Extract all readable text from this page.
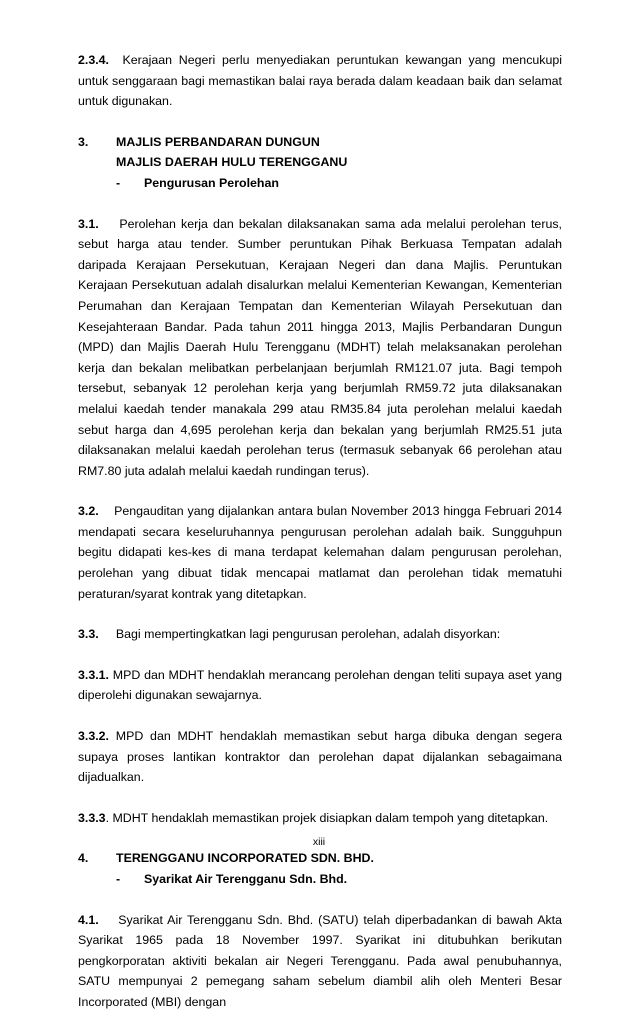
2.3.4. Kerajaan Negeri perlu menyediakan peruntukan kewangan yang mencukupi untuk senggaraan bagi memastikan balai raya berada dalam keadaan baik dan selamat untuk digunakan.

3. MAJLIS PERBANDARAN DUNGUN
MAJLIS DAERAH HULU TERENGGANU
- Pengurusan Perolehan

3.1. Perolehan kerja dan bekalan dilaksanakan sama ada melalui perolehan terus, sebut harga atau tender. Sumber peruntukan Pihak Berkuasa Tempatan adalah daripada Kerajaan Persekutuan, Kerajaan Negeri dan dana Majlis. Peruntukan Kerajaan Persekutuan adalah disalurkan melalui Kementerian Kewangan, Kementerian Perumahan dan Kerajaan Tempatan dan Kementerian Wilayah Persekutuan dan Kesejahteraan Bandar. Pada tahun 2011 hingga 2013, Majlis Perbandaran Dungun (MPD) dan Majlis Daerah Hulu Terengganu (MDHT) telah melaksanakan perolehan kerja dan bekalan melibatkan perbelanjaan berjumlah RM121.07 juta. Bagi tempoh tersebut, sebanyak 12 perolehan kerja yang berjumlah RM59.72 juta dilaksanakan melalui kaedah tender manakala 299 atau RM35.84 juta perolehan melalui kaedah sebut harga dan 4,695 perolehan kerja dan bekalan yang berjumlah RM25.51 juta dilaksanakan melalui kaedah perolehan terus (termasuk sebanyak 66 perolehan atau RM7.80 juta adalah melalui kaedah rundingan terus).

3.2. Pengauditan yang dijalankan antara bulan November 2013 hingga Februari 2014 mendapati secara keseluruhannya pengurusan perolehan adalah baik. Sungguhpun begitu didapati kes-kes di mana terdapat kelemahan dalam pengurusan perolehan, perolehan yang dibuat tidak mencapai matlamat dan perolehan tidak mematuhi peraturan/syarat kontrak yang ditetapkan.

3.3. Bagi mempertingkatkan lagi pengurusan perolehan, adalah disyorkan:

3.3.1. MPD dan MDHT hendaklah merancang perolehan dengan teliti supaya aset yang diperolehi digunakan sewajarnya.

3.3.2. MPD dan MDHT hendaklah memastikan sebut harga dibuka dengan segera supaya proses lantikan kontraktor dan perolehan dapat dijalankan sebagaimana dijadualkan.

3.3.3. MDHT hendaklah memastikan projek disiapkan dalam tempoh yang ditetapkan.

4. TERENGGANU INCORPORATED SDN. BHD.
- Syarikat Air Terengganu Sdn. Bhd.

4.1. Syarikat Air Terengganu Sdn. Bhd. (SATU) telah diperbadankan di bawah Akta Syarikat 1965 pada 18 November 1997. Syarikat ini ditubuhkan berikutan pengkorporatan aktiviti bekalan air Negeri Terengganu. Pada awal penubuhannya, SATU mempunyai 2 pemegang saham sebelum diambil alih oleh Menteri Besar Incorporated (MBI) dengan

xiii
